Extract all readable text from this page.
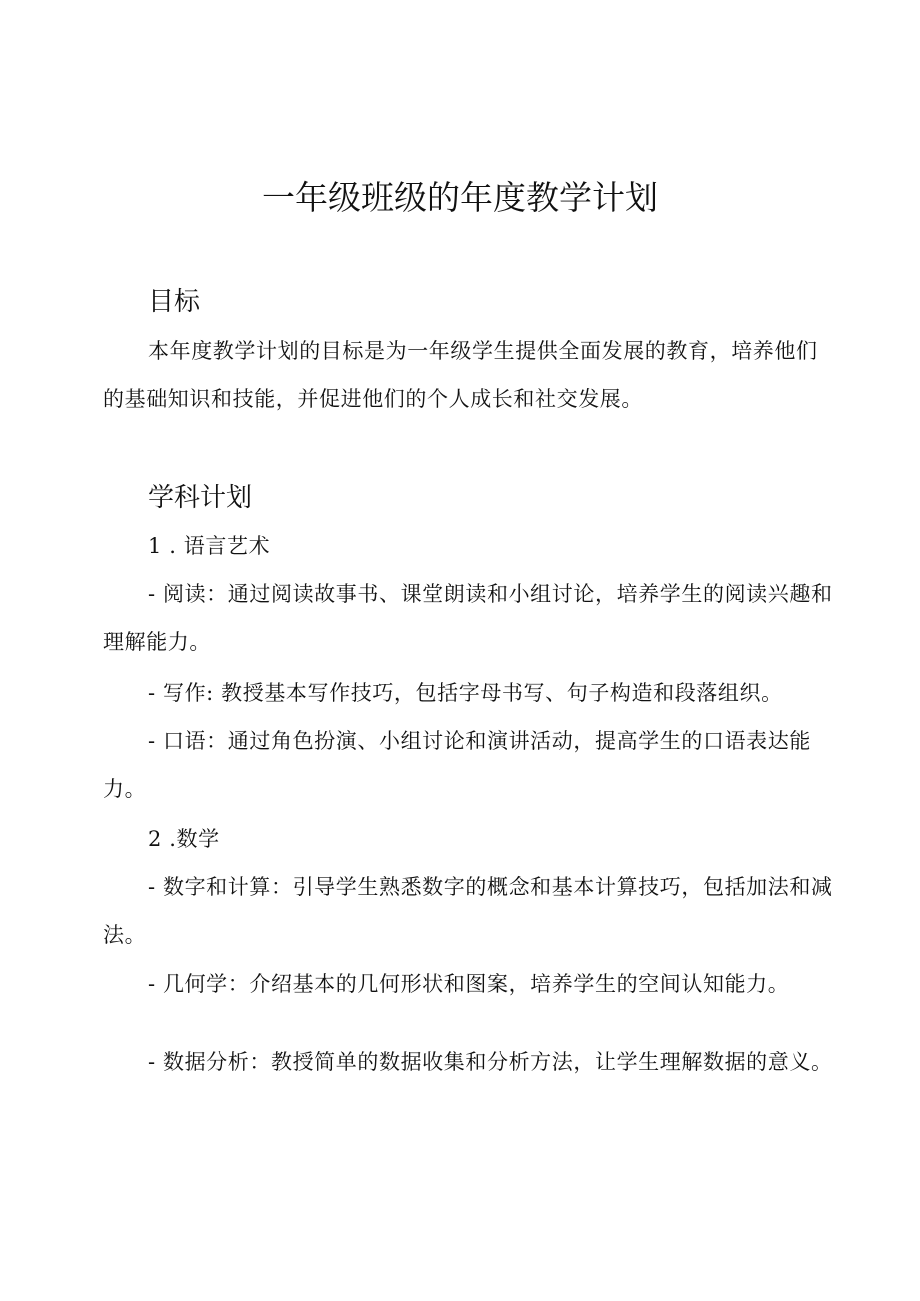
一年级班级的年度教学计划
目标

本年度教学计划的目标是为一年级学生提供全面发展的教育，培养他们的基础知识和技能，并促进他们的个人成长和社交发展。

学科计划

1 . 语言艺术

- 阅读：通过阅读故事书、课堂朗读和小组讨论，培养学生的阅读兴趣和理解能力。

- 写作: 教授基本写作技巧，包括字母书写、句子构造和段落组织。

- 口语：通过角色扮演、小组讨论和演讲活动，提高学生的口语表达能力。

2 .数学

- 数字和计算：引导学生熟悉数字的概念和基本计算技巧，包括加法和减法。

- 几何学：介绍基本的几何形状和图案，培养学生的空间认知能力。

- 数据分析：教授简单的数据收集和分析方法，让学生理解数据的意义。
